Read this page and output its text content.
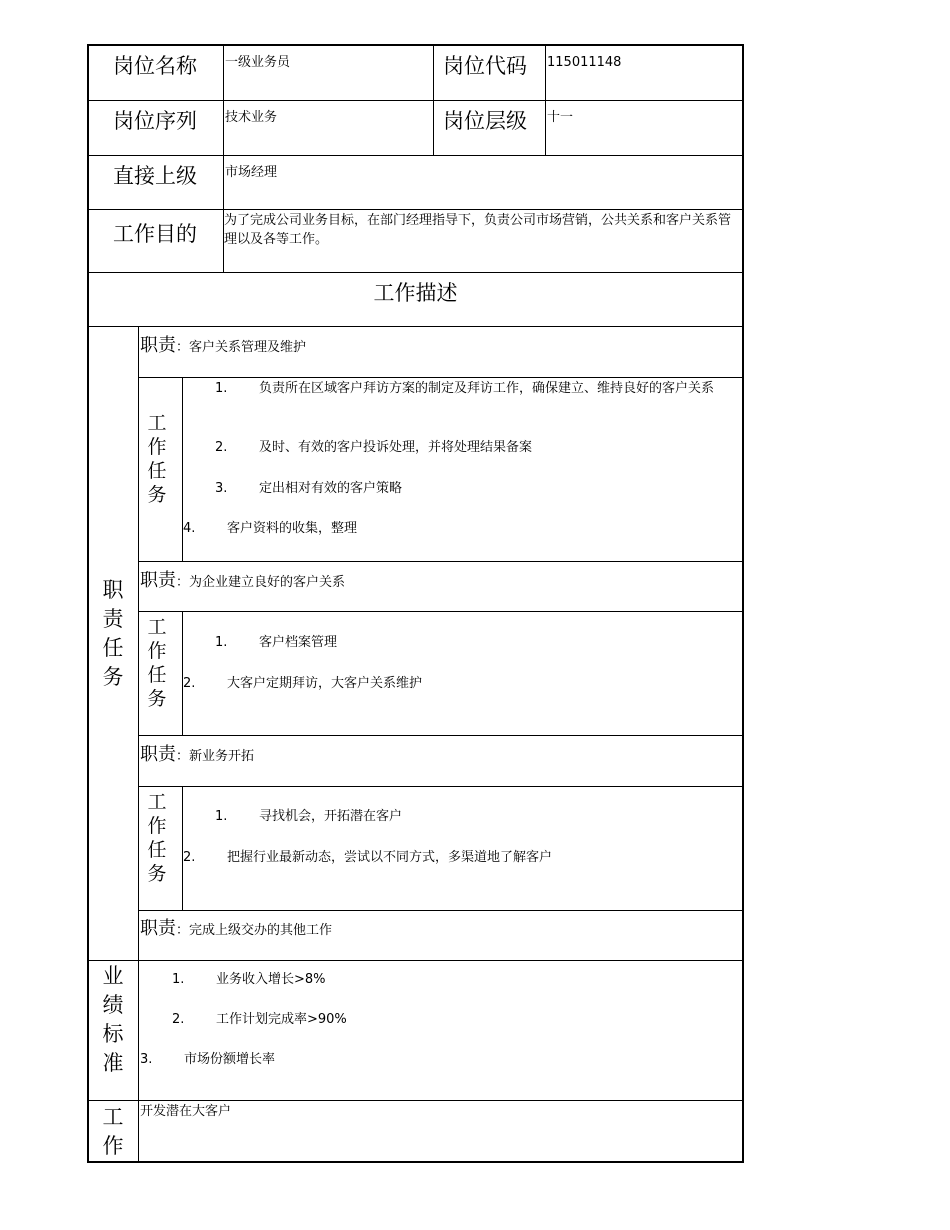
岗位名称 一级业务员	岗位代码 115011148
岗位序列 技术业务	岗位层级 十一
直接上级 市场经理
工作目的
为了完成公司业务目标，在部门经理指导下，负责公司市场营销，公共关系和客户关系管理以及各等工作。
工作描述
职
责
任
务
职责：客户关系管理及维护
工
作
任
务
1. 负责所在区域客户拜访方案的制定及拜访工作，确保建立、维持良好的客户关系
2. 及时、有效的客户投诉处理，并将处理结果备案
3. 定出相对有效的客户策略
4. 客户资料的收集，整理
职责：为企业建立良好的客户关系
工
作
任
务
1. 客户档案管理
2. 大客户定期拜访，大客户关系维护
职责：新业务开拓
工
作
任
务
1. 寻找机会，开拓潜在客户
2. 把握行业最新动态，尝试以不同方式，多渠道地了解客户
职责：完成上级交办的其他工作
业
绩
标
准
1. 业务收入增长>8%
2. 工作计划完成率>90%
3. 市场份额增长率
工
作
开发潜在大客户
